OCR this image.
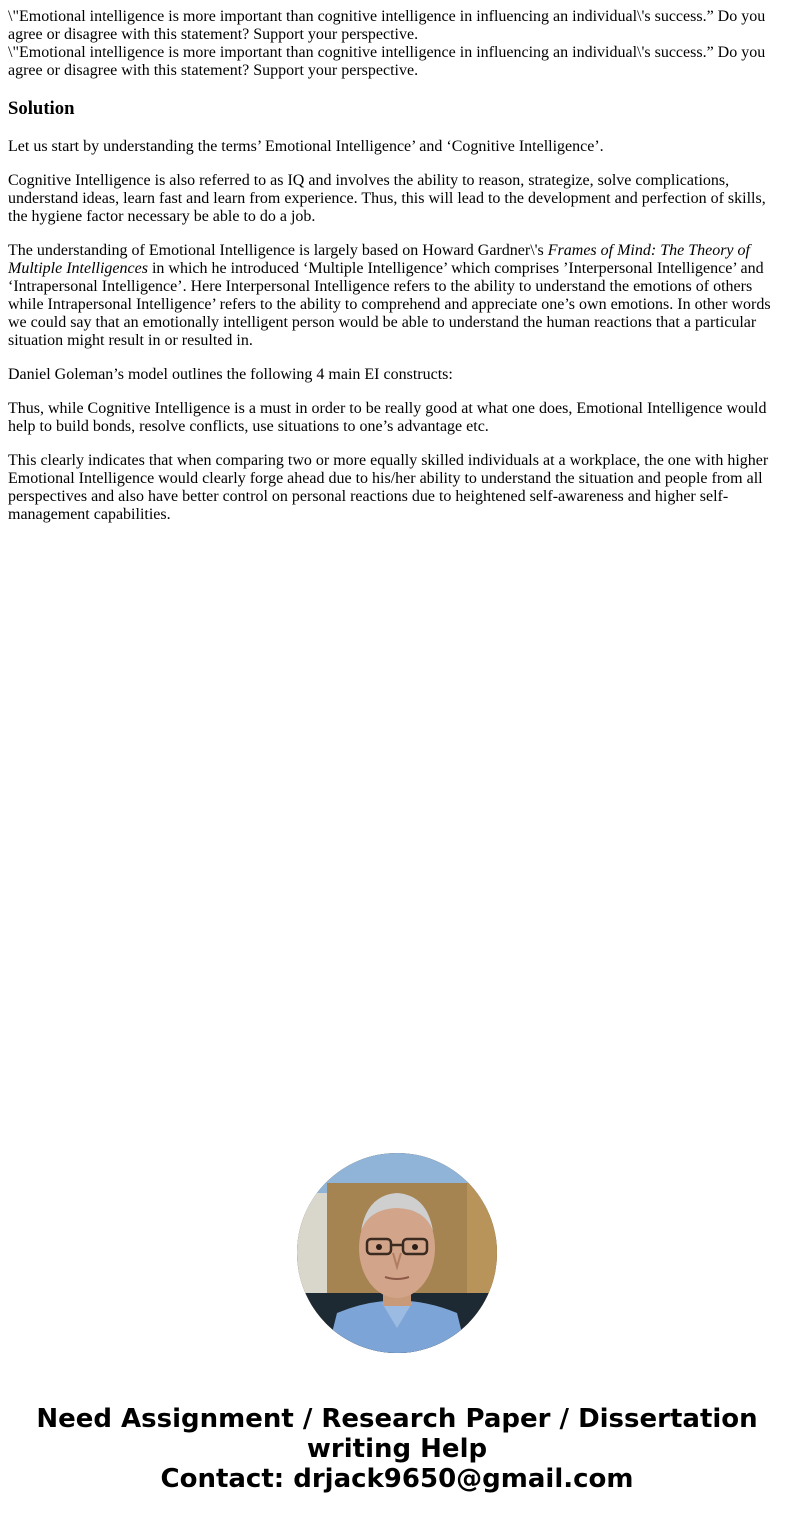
\"Emotional intelligence is more important than cognitive intelligence in influencing an individual\'s success.” Do you agree or disagree with this statement? Support your perspective.
\"Emotional intelligence is more important than cognitive intelligence in influencing an individual\'s success.” Do you agree or disagree with this statement? Support your perspective.
Solution

Let us start by understanding the terms’ Emotional Intelligence’ and ‘Cognitive Intelligence’.

Cognitive Intelligence is also referred to as IQ and involves the ability to reason, strategize, solve complications, understand ideas, learn fast and learn from experience. Thus, this will lead to the development and perfection of skills, the hygiene factor necessary be able to do a job.

The understanding of Emotional Intelligence is largely based on Howard Gardner\'s Frames of Mind: The Theory of Multiple Intelligences in which he introduced ‘Multiple Intelligence’ which comprises ’Interpersonal Intelligence’ and ‘Intrapersonal Intelligence’. Here Interpersonal Intelligence refers to the ability to understand the emotions of others while Intrapersonal Intelligence’ refers to the ability to comprehend and appreciate one’s own emotions. In other words we could say that an emotionally intelligent person would be able to understand the human reactions that a particular situation might result in or resulted in.

Daniel Goleman’s model outlines the following 4 main EI constructs:

Thus, while Cognitive Intelligence is a must in order to be really good at what one does, Emotional Intelligence would help to build bonds, resolve conflicts, use situations to one’s advantage etc.

This clearly indicates that when comparing two or more equally skilled individuals at a workplace, the one with higher Emotional Intelligence would clearly forge ahead due to his/her ability to understand the situation and people from all perspectives and also have better control on personal reactions due to heightened self-awareness and higher self-management capabilities.

Need Assignment / Research Paper / Dissertation
writing Help
Contact: drjack9650@gmail.com
